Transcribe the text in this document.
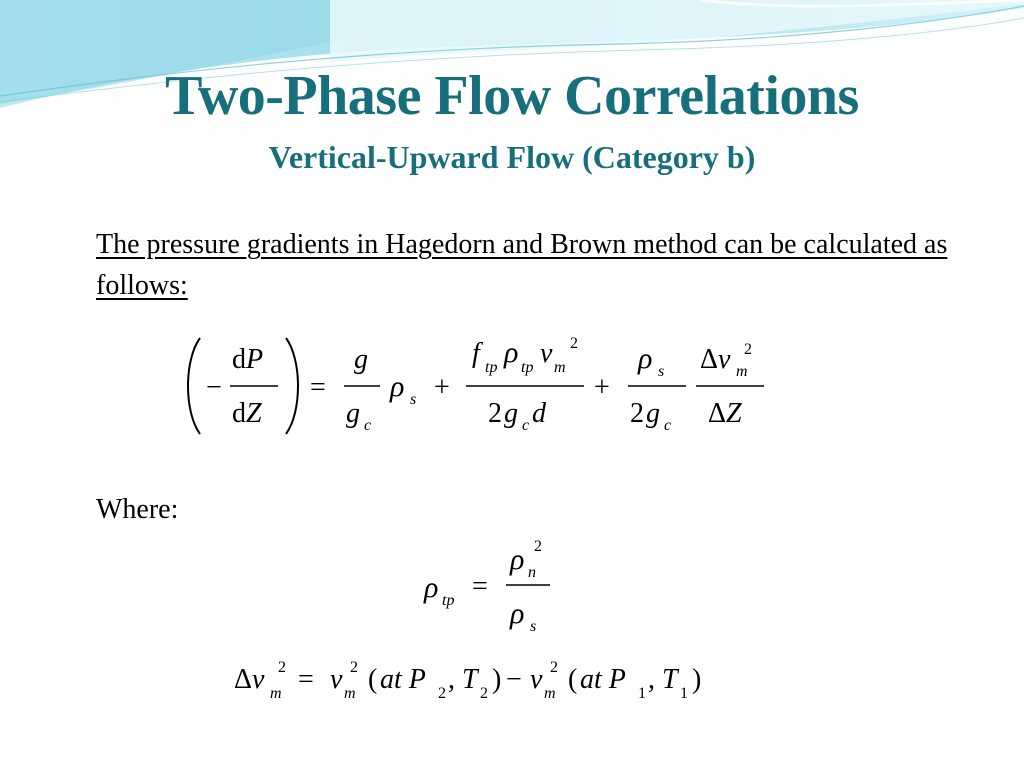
Two-Phase Flow Correlations
Vertical-Upward Flow (Category b)
The pressure gradients in Hagedorn and Brown method can be calculated as follows:
−
dP
dZ
=
g
g c
ρ s +
f tp ρ tp v m
2
2 g c d
+
ρ s
2 g c
Δv m
2
ΔZ
Where:
ρ tp =
ρ n
2
ρ s
Δv m
2 = v m
2 ( at P 2 , T 2 ) − v m
2 ( at P 1 , T 1 )
